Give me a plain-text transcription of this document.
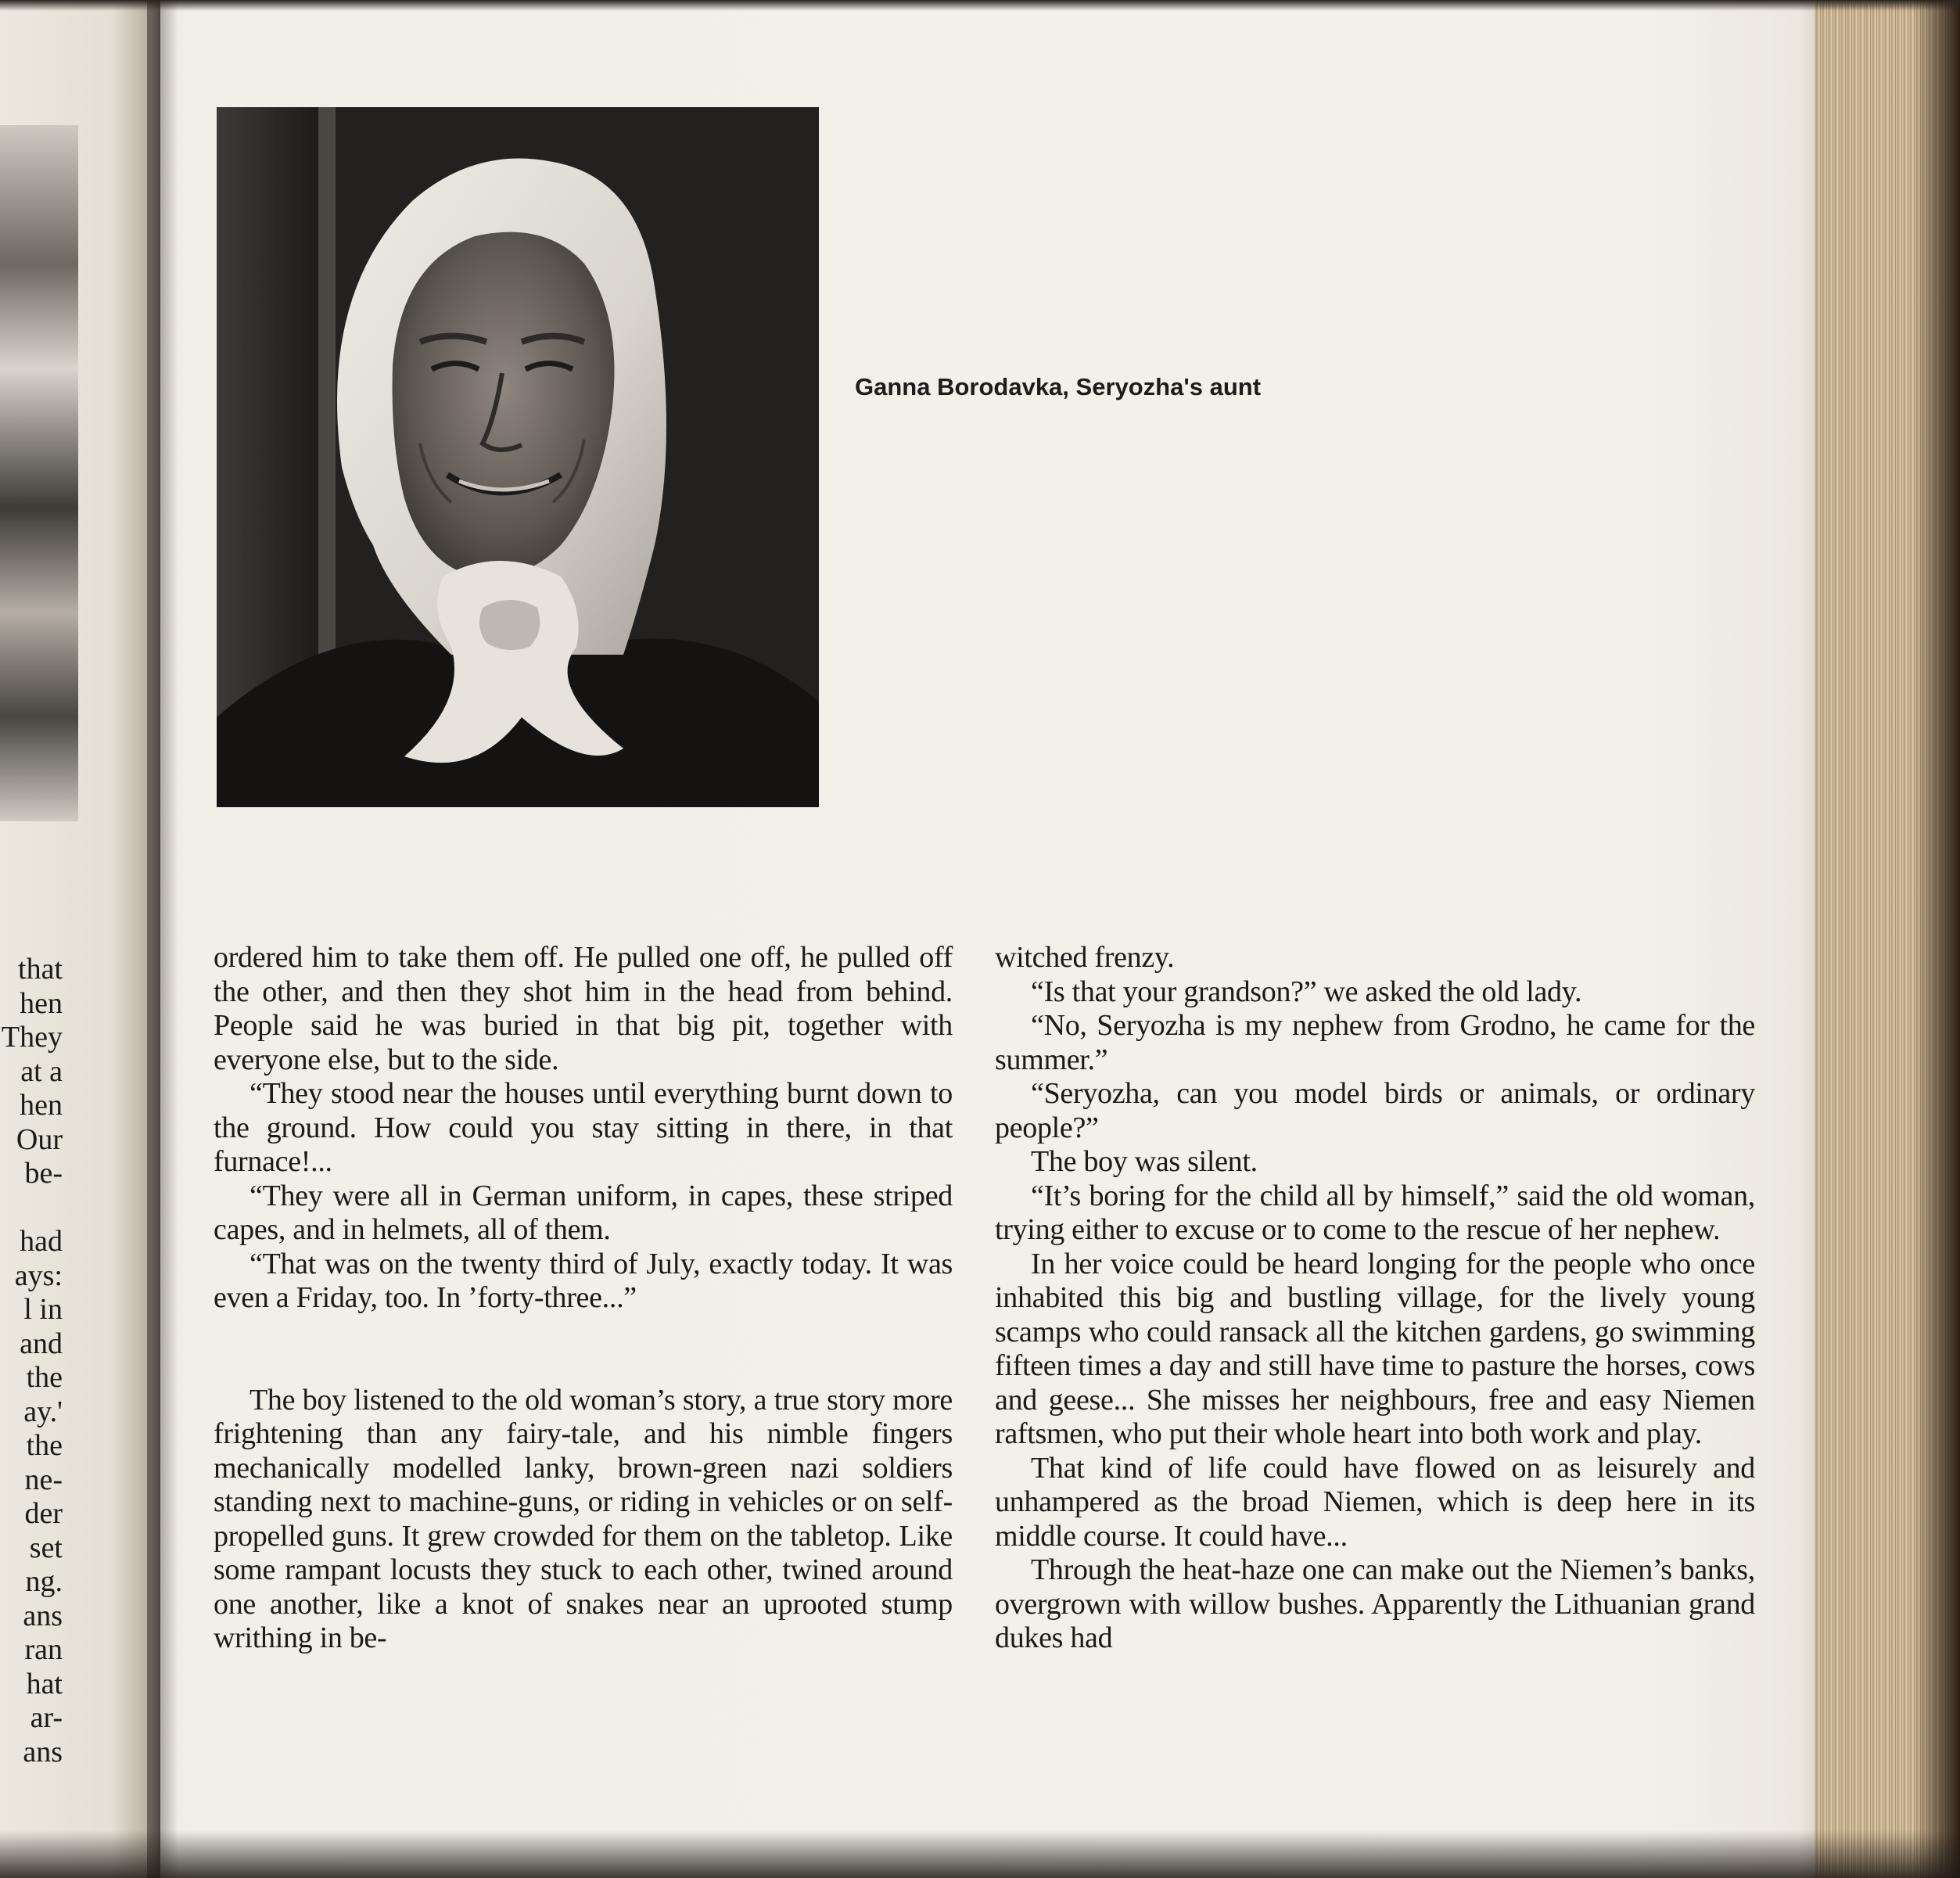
that
hen
They
at a
hen
Our
be-

had
ays:
l in
and
the
ay.'
the
ne-
der
set
ng.
ans
ran
hat
ar-
ans
Ganna Borodavka, Seryozha's aunt

ordered him to take them off. He pulled one off, he pulled off the other, and then they shot him in the head from behind. People said he was buried in that big pit, together with everyone else, but to the side.

“They stood near the houses until everything burnt down to the ground. How could you stay sitting in there, in that furnace!...

“They were all in German uniform, in capes, these striped capes, and in helmets, all of them.

“That was on the twenty third of July, exactly today. It was even a Friday, too. In ’forty-three...”

The boy listened to the old woman’s story, a true story more frightening than any fairy-tale, and his nimble fingers mechanically modelled lanky, brown-green nazi soldiers standing next to machine-guns, or riding in vehicles or on self-propelled guns. It grew crowded for them on the tabletop. Like some rampant locusts they stuck to each other, twined around one another, like a knot of snakes near an uprooted stump writhing in be-

witched frenzy.

“Is that your grandson?” we asked the old lady.

“No, Seryozha is my nephew from Grodno, he came for the summer.”

“Seryozha, can you model birds or animals, or ordinary people?”

The boy was silent.

“It’s boring for the child all by himself,” said the old woman, trying either to excuse or to come to the rescue of her nephew.

In her voice could be heard longing for the people who once inhabited this big and bustling village, for the lively young scamps who could ransack all the kitchen gardens, go swimming fifteen times a day and still have time to pasture the horses, cows and geese... She misses her neighbours, free and easy Niemen raftsmen, who put their whole heart into both work and play.

That kind of life could have flowed on as leisurely and unhampered as the broad Niemen, which is deep here in its middle course. It could have...

Through the heat-haze one can make out the Niemen’s banks, overgrown with willow bushes. Apparently the Lithuanian grand dukes had
